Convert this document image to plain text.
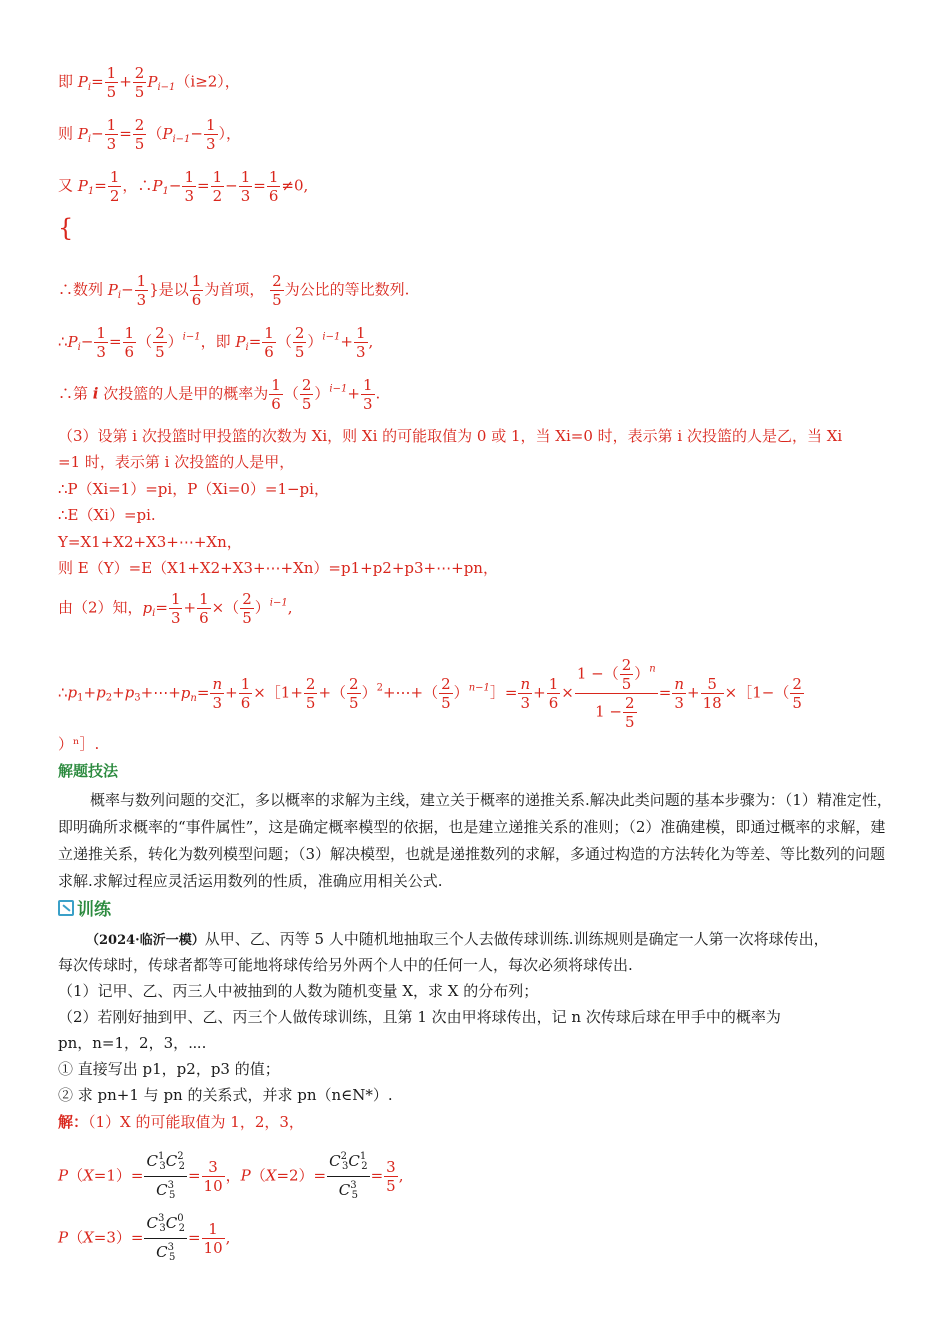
即 $P_i= \frac{1}{5} + \frac{2}{5} P_{i-1}(i\ge 2)$，
则 $P_i- \frac{1}{3} = \frac{2}{5} (P_{i-1}- \frac{1}{3}$ ），
又 $P_1= \frac{1}{2}$ ，$\therefore P_1- \frac{1}{3} = \frac{1}{2} - \frac{1}{3} = \frac{1}{6} \ne 0$,
{
∴数列 $P_i- \frac{1}{3}$ }是以 $\frac{1}{6}$ 为首项， $\frac{2}{5}$ 为公比的等比数列.
$\therefore P_i- \frac{1}{3} = \frac{1}{6}$ （ $\frac{2}{5} )^{i-1}$，即 $P_i= \frac{1}{6}$ （ $\frac{2}{5} )^{i-1}+ \frac{1}{3}$ ,
∴第 i 次投篮的人是甲的概率为 $\frac{1}{6}$ （ $\frac{2}{5} )^{i-1}+ \frac{1}{3}$ .
（3）设第 i 次投篮时甲投篮的次数为 Xi，则 Xi 的可能取值为 0 或 1，当 Xi=0 时，表示第 i 次投篮的人是乙，当 Xi
=1 时，表示第 i 次投篮的人是甲，
∴P（Xi=1）=pi，P（Xi=0）=1−pi，
∴E（Xi）=pi.
Y=X1+X2+X3+⋯+Xn，
则 E（Y）=E（X1+X2+X3+⋯+Xn）=p1+p2+p3+⋯+pn，
由（2）知，$p_i= \frac{1}{3} + \frac{1}{6}$ ×（ $\frac{2}{5} )^{i-1}$,
$\therefore p_1+p_2+p_3+\cdots+p_n= \frac{n}{3} + \frac{1}{6}$ ×［1+ $\frac{2}{5}$ +（ $\frac{2}{5}$ ）$^2$+⋯+（ $\frac{2}{5}$ ）$^{n-1}$］= $\frac{n}{3} + \frac{1}{6} \times \frac{1 -( \frac{2}{5} )^n}{1 - \frac{2}{5}} = \frac{n}{3} + \frac{5}{18}$ ×［1−（ $\frac{2}{5}$
）ⁿ］.
解题技法
概率与数列问题的交汇，多以概率的求解为主线，建立关于概率的递推关系.解决此类问题的基本步骤为：（1）精准定性，即明确所求概率的“事件属性”，这是确定概率模型的依据，也是建立递推关系的准则；（2）准确建模，即通过概率的求解，建立递推关系，转化为数列模型问题；（3）解决模型，也就是递推数列的求解，多通过构造的方法转化为等差、等比数列的问题求解.求解过程应灵活运用数列的性质，准确应用相关公式.
训练
（2024·临沂一模）从甲、乙、丙等 5 人中随机地抽取三个人去做传球训练.训练规则是确定一人第一次将球传出，
每次传球时，传球者都等可能地将球传给另外两个人中的任何一人，每次必须将球传出.
（1）记甲、乙、丙三人中被抽到的人数为随机变量 X，求 X 的分布列；
（2）若刚好抽到甲、乙、丙三个人做传球训练，且第 1 次由甲将球传出，记 n 次传球后球在甲手中的概率为
pn，n=1，2，3，⋯.
① 直接写出 p1，p2，p3 的值；
② 求 pn+1 与 pn 的关系式，并求 pn（n∈N*）.
解：（1）X 的可能取值为 1，2，3，
$P(X=1)= \frac{C^1_3C^2_2}{C^3_5} = \frac{3}{10}$ ，$P(X=2)= \frac{C^2_3C^1_2}{C^3_5} = \frac{3}{5}$ ,
$P(X=3)= \frac{C^3_3C^0_2}{C^3_5} = \frac{1}{10}$ ,
